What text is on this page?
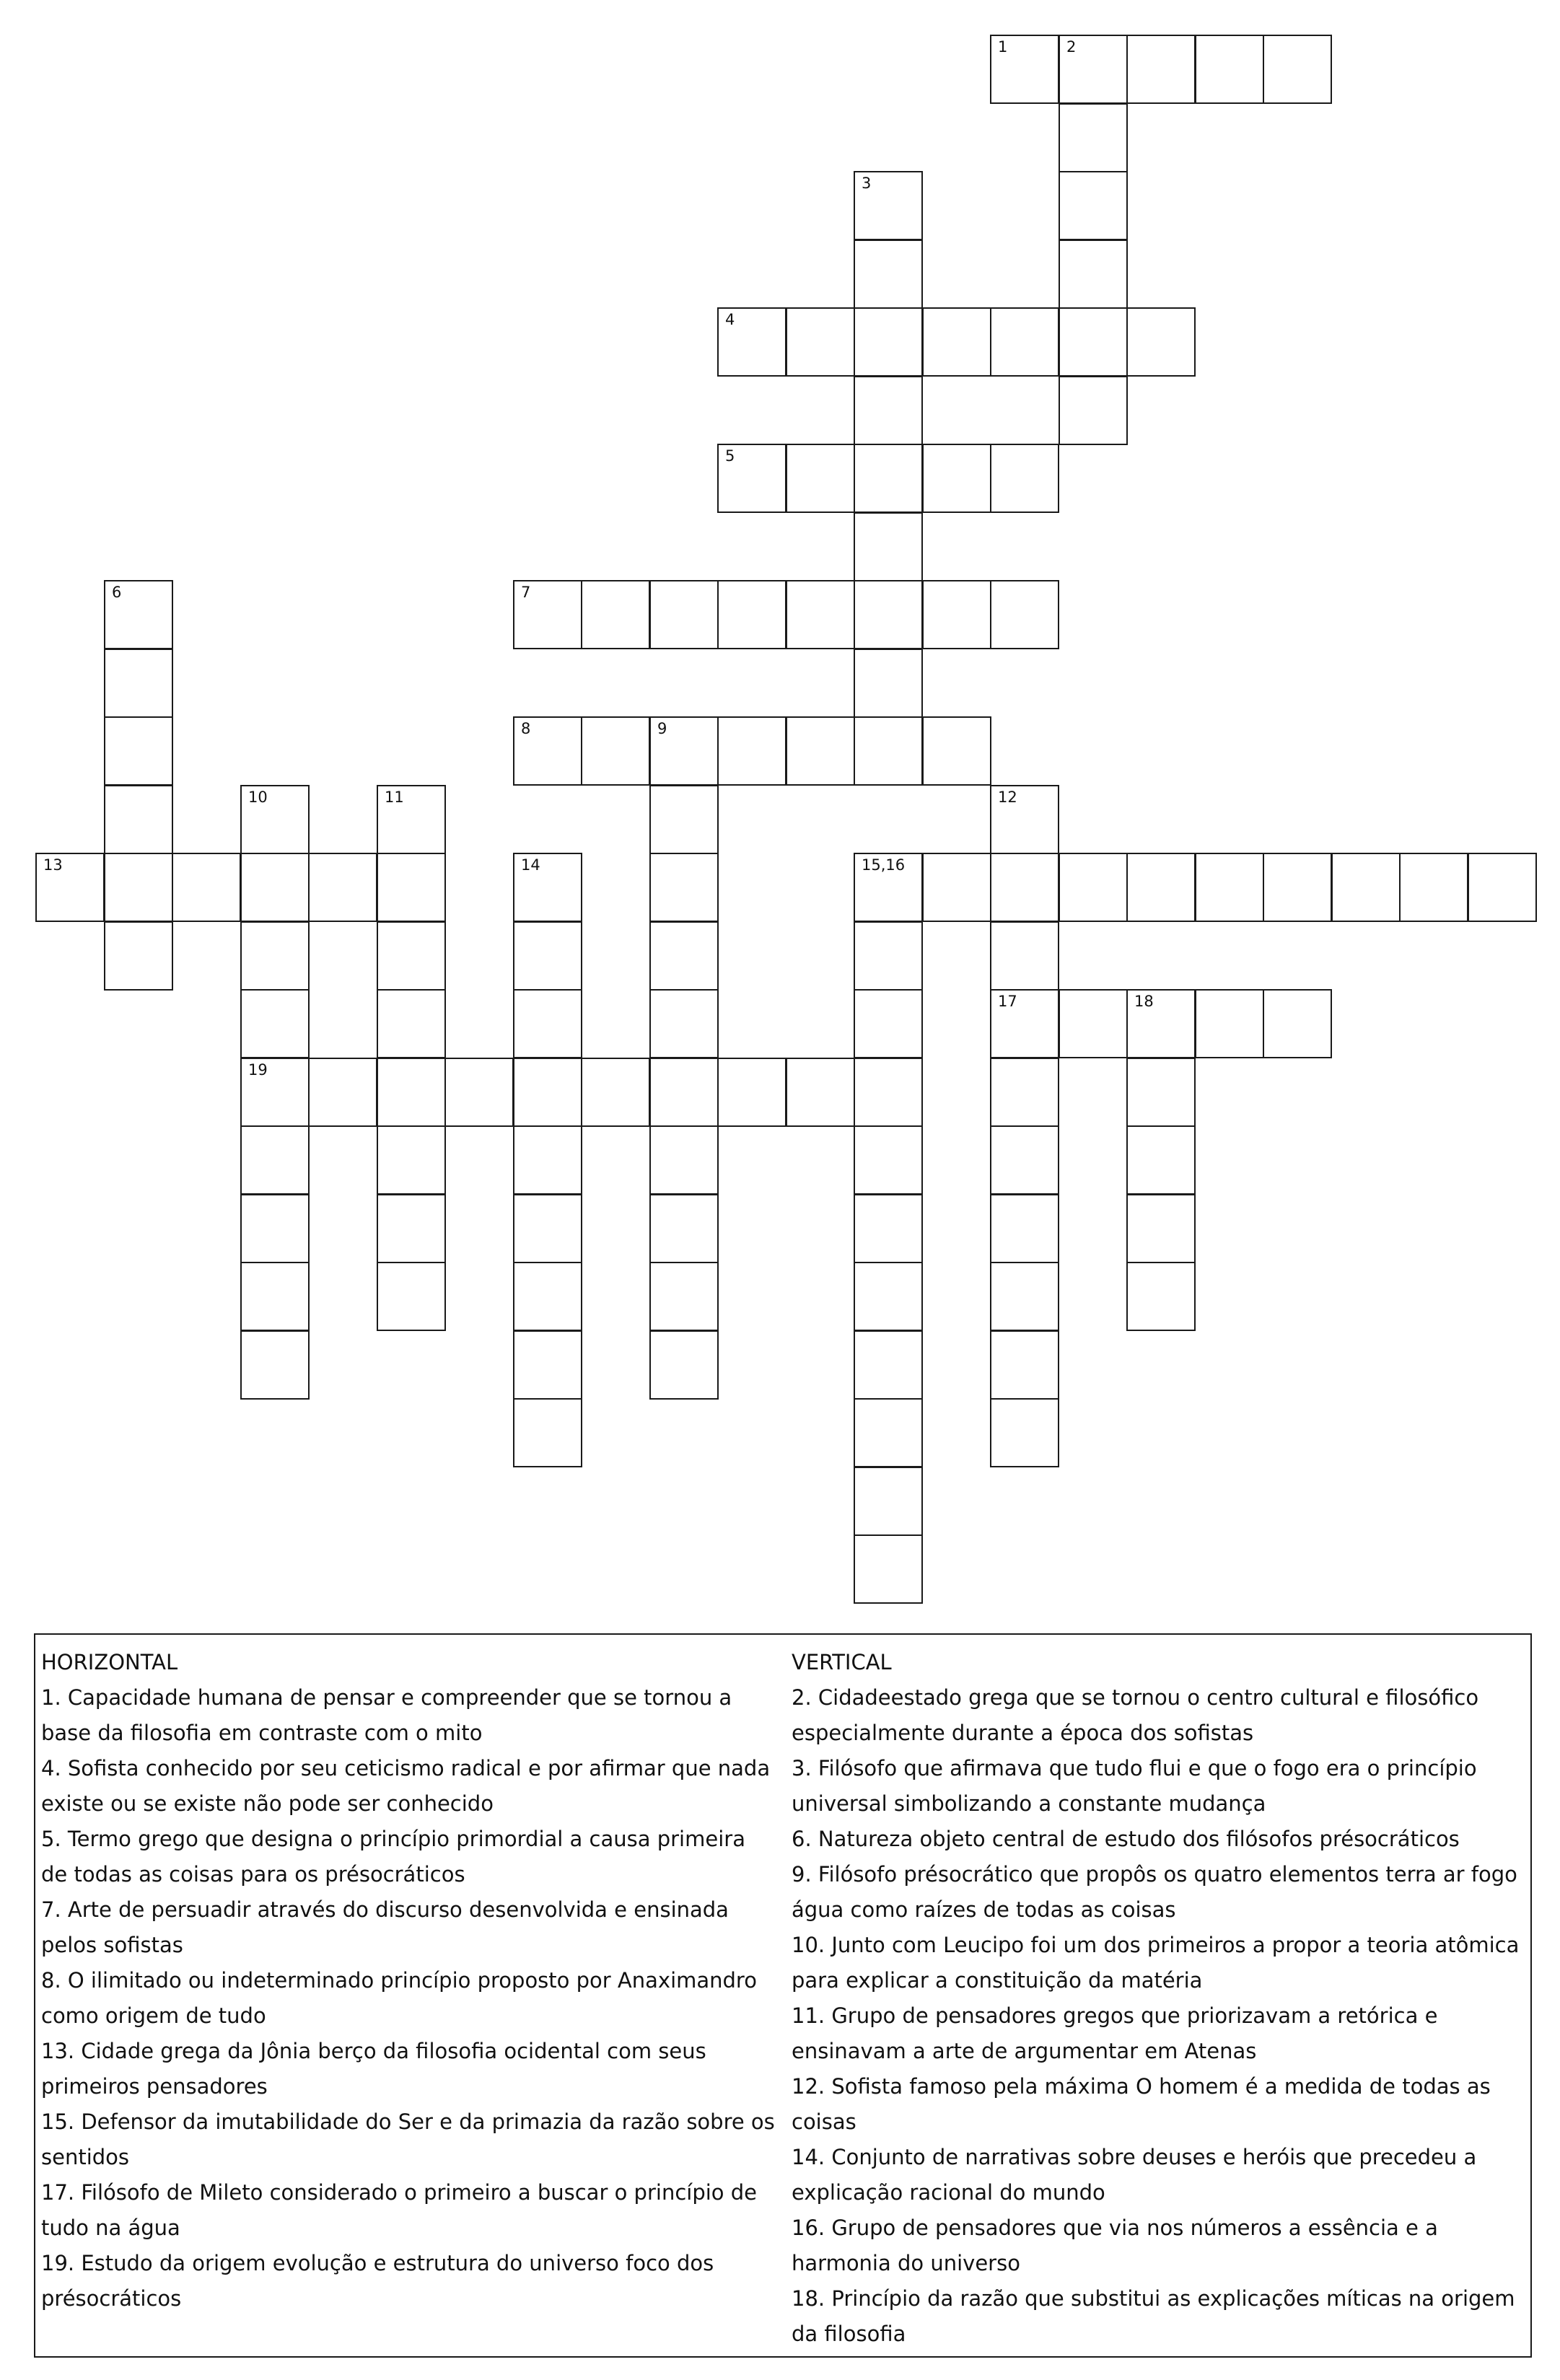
1	2
3
4
5
6	7
8	9
10	11	12
13	14	15,16
17	18
19
HORIZONTAL
1. Capacidade humana de pensar e compreender que se tornou a base da filosofia em contraste com o mito
4. Sofista conhecido por seu ceticismo radical e por afirmar que nada existe ou se existe não pode ser conhecido
5. Termo grego que designa o princípio primordial a causa primeira de todas as coisas para os présocráticos
7. Arte de persuadir através do discurso desenvolvida e ensinada pelos sofistas
8. O ilimitado ou indeterminado princípio proposto por Anaximandro como origem de tudo
13. Cidade grega da Jônia berço da filosofia ocidental com seus primeiros pensadores
15. Defensor da imutabilidade do Ser e da primazia da razão sobre os sentidos
17. Filósofo de Mileto considerado o primeiro a buscar o princípio de tudo na água
19. Estudo da origem evolução e estrutura do universo foco dos présocráticos
VERTICAL
2. Cidadeestado grega que se tornou o centro cultural e filosófico especialmente durante a época dos sofistas
3. Filósofo que afirmava que tudo flui e que o fogo era o princípio universal simbolizando a constante mudança
6. Natureza objeto central de estudo dos filósofos présocráticos
9. Filósofo présocrático que propôs os quatro elementos terra ar fogo água como raízes de todas as coisas
10. Junto com Leucipo foi um dos primeiros a propor a teoria atômica para explicar a constituição da matéria
11. Grupo de pensadores gregos que priorizavam a retórica e ensinavam a arte de argumentar em Atenas
12. Sofista famoso pela máxima O homem é a medida de todas as coisas
14. Conjunto de narrativas sobre deuses e heróis que precedeu a explicação racional do mundo
16. Grupo de pensadores que via nos números a essência e a harmonia do universo
18. Princípio da razão que substitui as explicações míticas na origem da filosofia
